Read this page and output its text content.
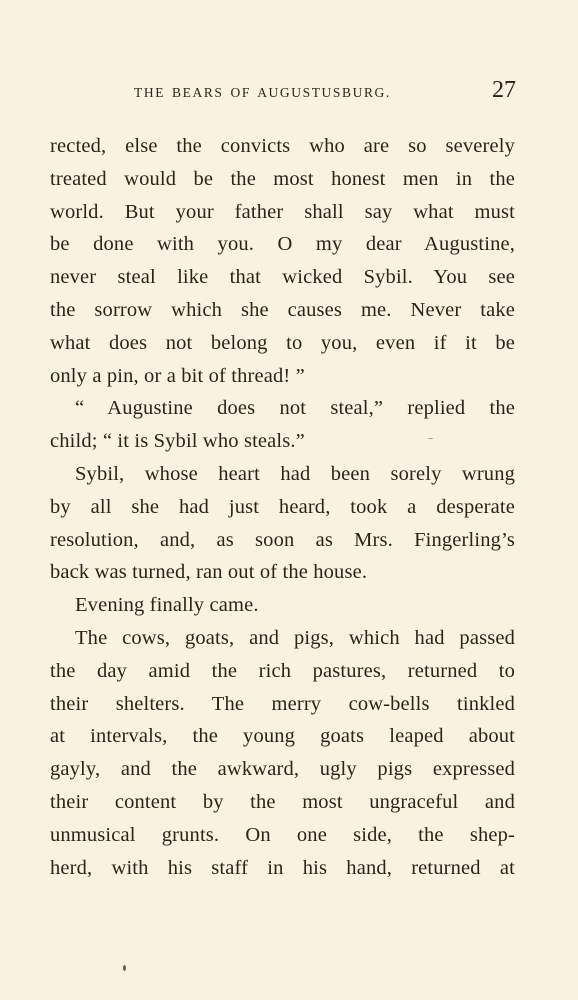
THE BEARS OF AUGUSTUSBURG.	27
rected, else the convicts who are so severely
treated would be the most honest men in the
world. But your father shall say what must
be done with you. O my dear Augustine,
never steal like that wicked Sybil. You see
the sorrow which she causes me. Never take
what does not belong to you, even if it be
only a pin, or a bit of thread! ”
“ Augustine does not steal,” replied the
child; “ it is Sybil who steals.”
Sybil, whose heart had been sorely wrung
by all she had just heard, took a desperate
resolution, and, as soon as Mrs. Fingerling’s
back was turned, ran out of the house.
Evening finally came.
The cows, goats, and pigs, which had passed
the day amid the rich pastures, returned to
their shelters. The merry cow-bells tinkled
at intervals, the young goats leaped about
gayly, and the awkward, ugly pigs expressed
their content by the most ungraceful and
unmusical grunts. On one side, the shep-
herd, with his staff in his hand, returned at
